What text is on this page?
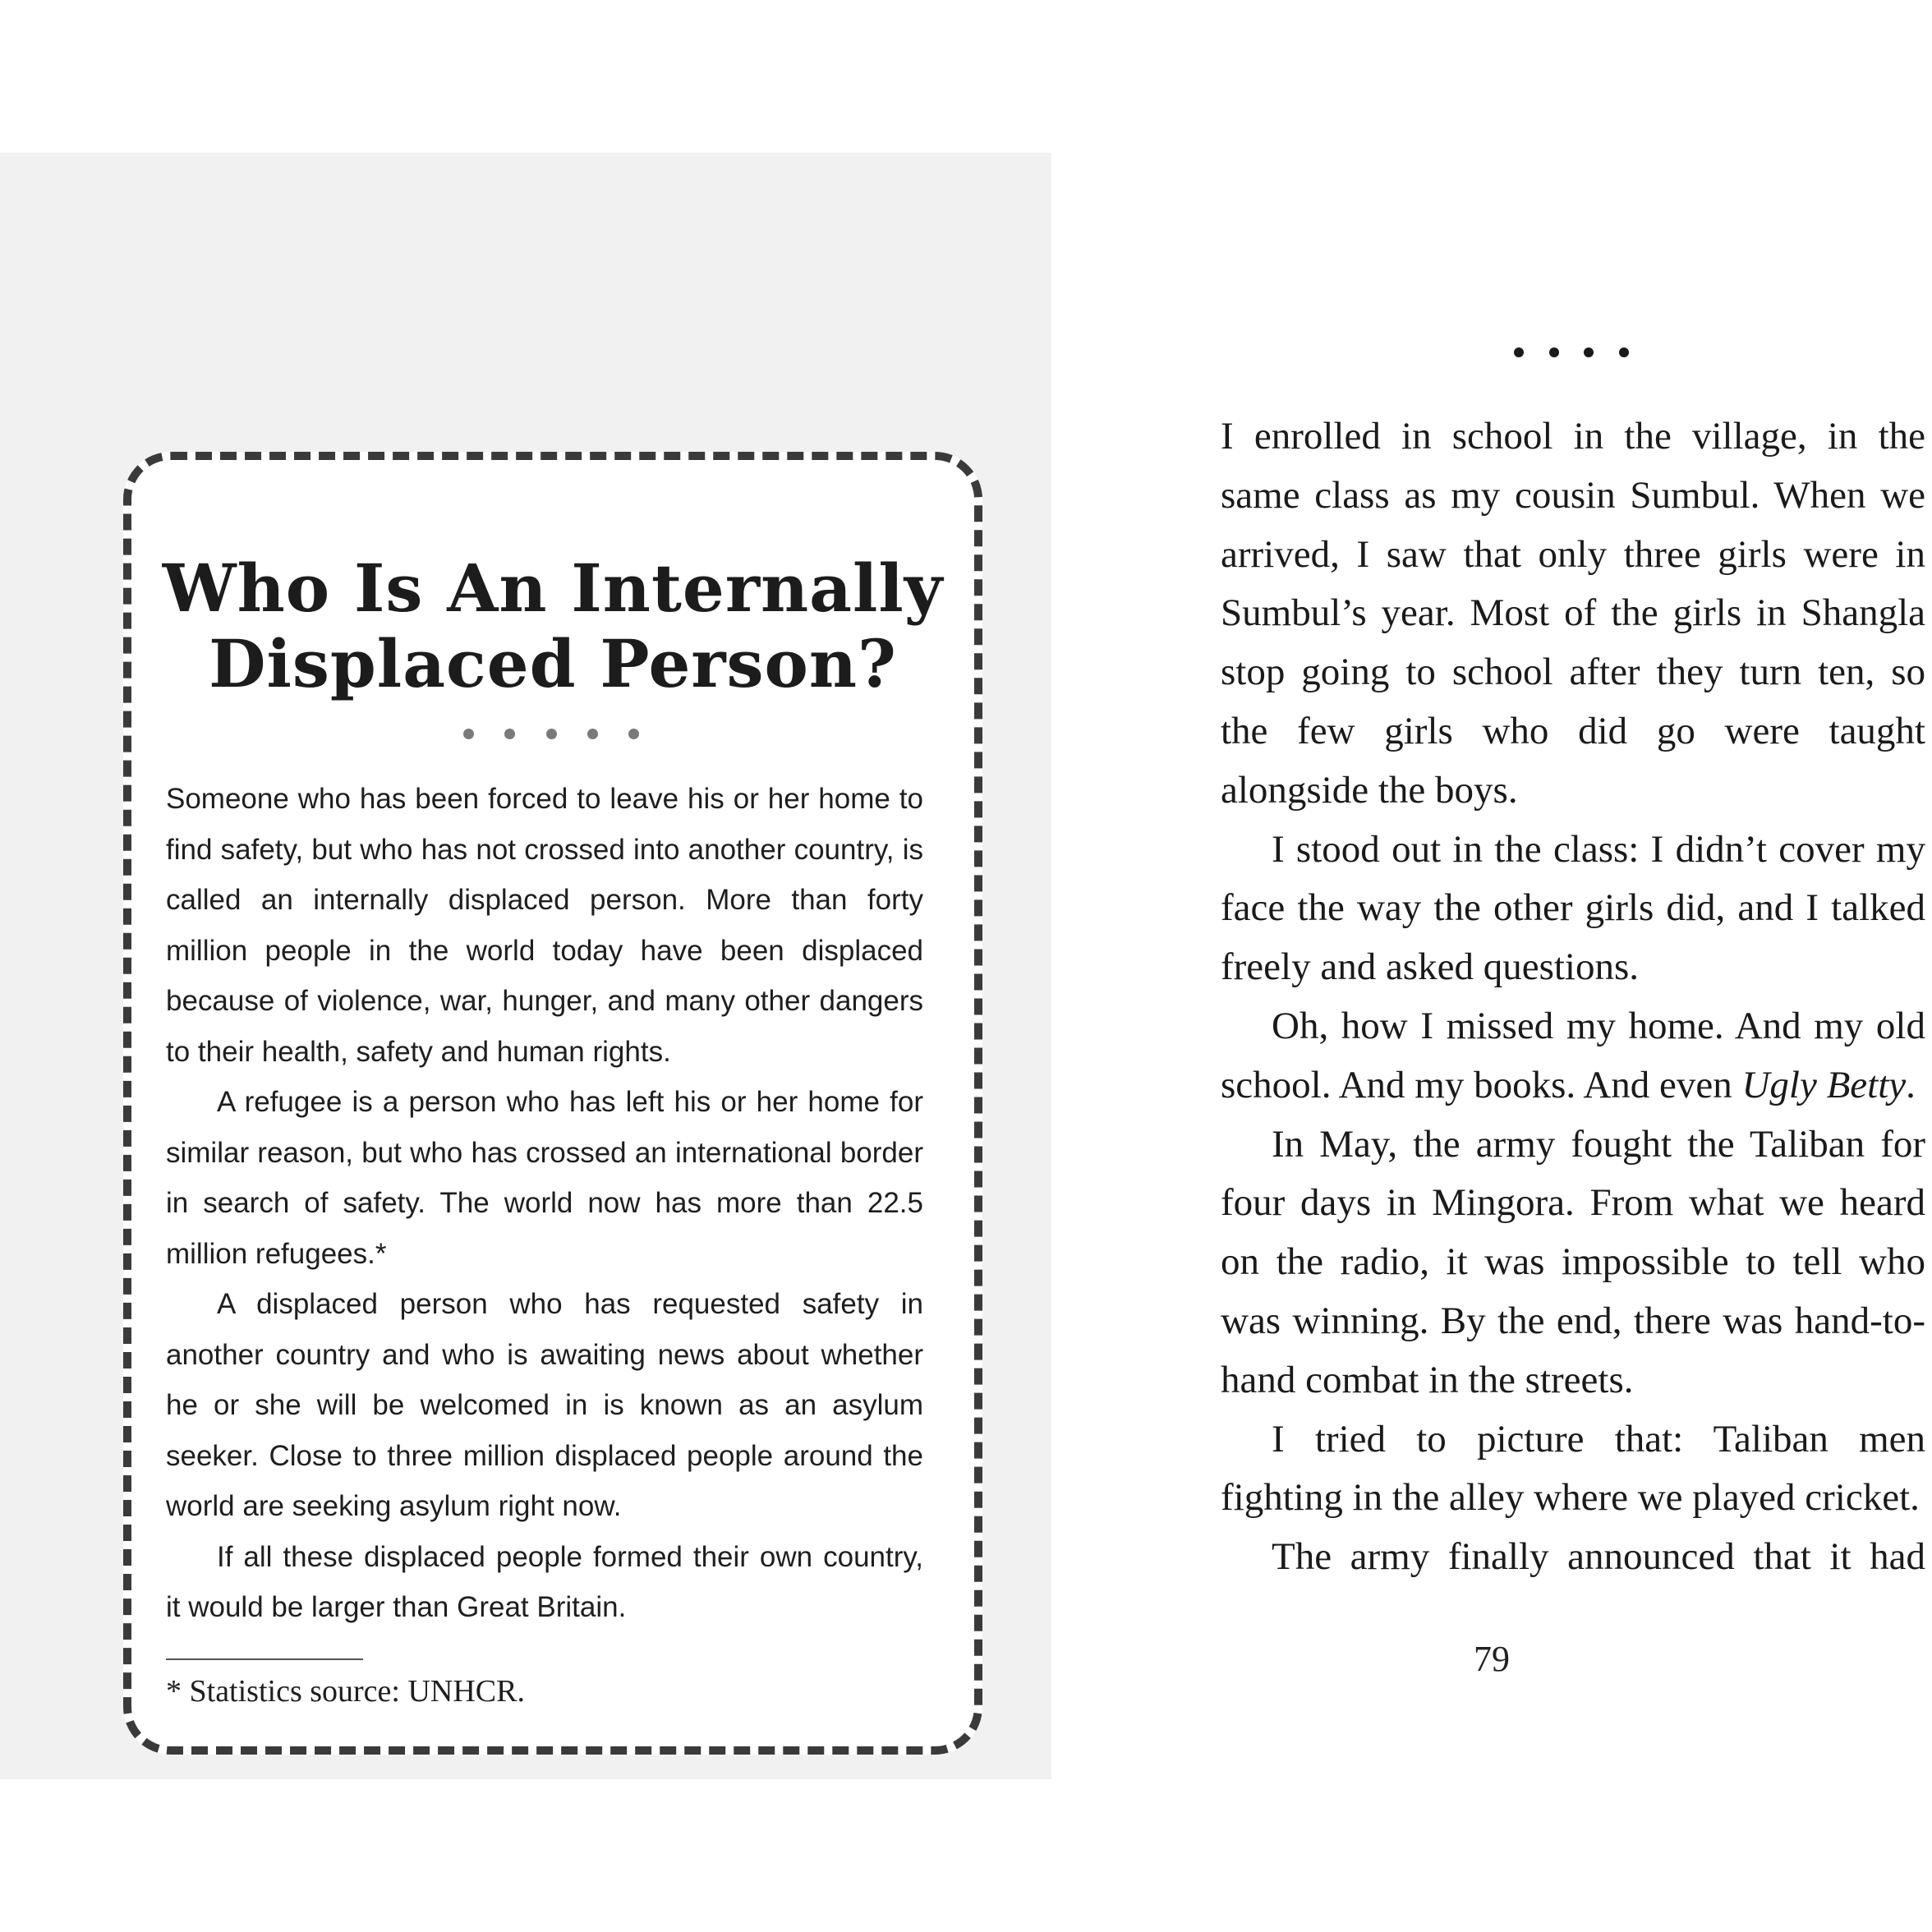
Who Is An Internally
Displaced Person?

Someone who has been forced to leave his or her home to find safety, but who has not crossed into another country, is called an internally displaced person. More than forty million people in the world today have been displaced because of violence, war, hunger, and many other dangers to their health, safety and human rights.

A refugee is a person who has left his or her home for similar reason, but who has crossed an international border in search of safety. The world now has more than 22.5 million refugees.*

A displaced person who has requested safety in another country and who is awaiting news about whether he or she will be welcomed in is known as an asylum seeker. Close to three million displaced people around the world are seeking asylum right now.

If all these displaced people formed their own country, it would be larger than Great Britain.

* Statistics source: UNHCR.

I enrolled in school in the village, in the same class as my cousin Sumbul. When we arrived, I saw that only three girls were in Sumbul’s year. Most of the girls in Shangla stop going to school after they turn ten, so the few girls who did go were taught alongside the boys.

I stood out in the class: I didn’t cover my face the way the other girls did, and I talked freely and asked questions.

Oh, how I missed my home. And my old school. And my books. And even Ugly Betty.

In May, the army fought the Taliban for four days in Mingora. From what we heard on the radio, it was impossible to tell who was winning. By the end, there was hand-to-hand combat in the streets.

I tried to picture that: Taliban men fighting in the alley where we played cricket.

The army finally announced that it had

79
